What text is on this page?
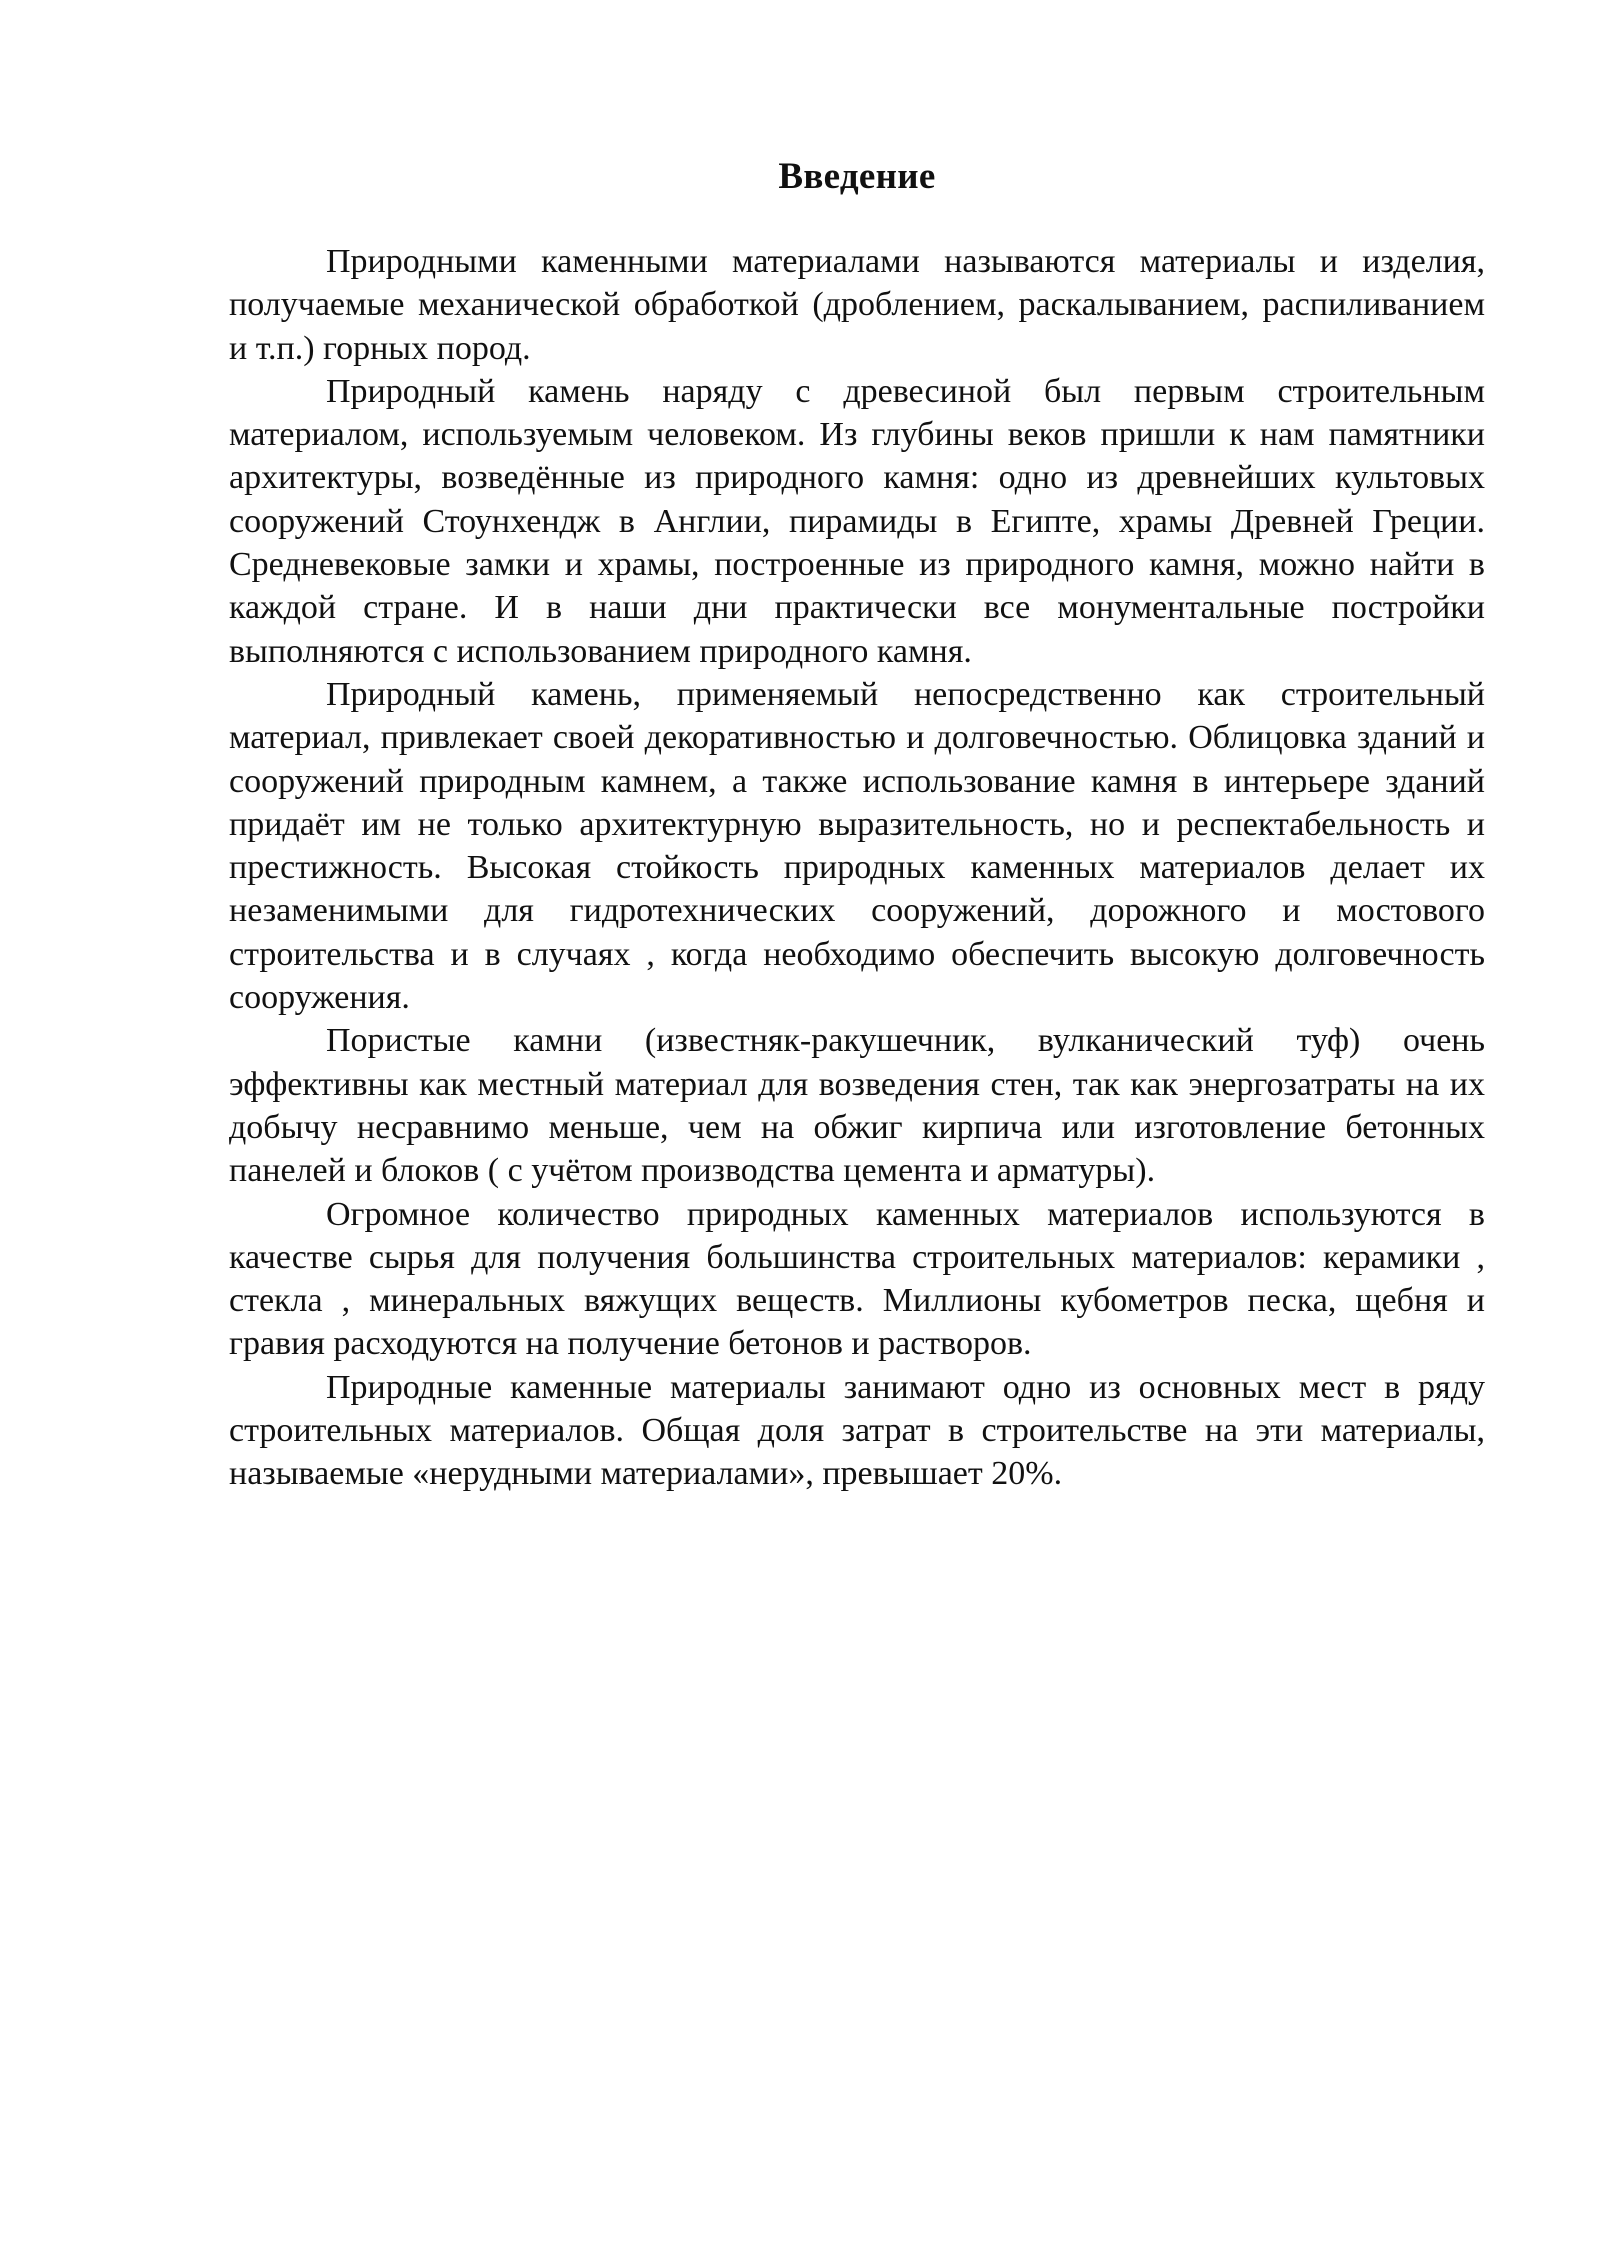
Введение

Природными каменными материалами называются материалы и изделия, получаемые механической обработкой (дроблением, раскалыванием, распиливанием и т.п.) горных пород.

Природный камень наряду с древесиной был первым строительным материалом, используемым человеком. Из глубины веков пришли к нам памятники архитектуры, возведённые из природного камня: одно из древнейших культовых сооружений Стоунхендж в Англии, пирамиды в Египте, храмы Древней Греции. Средневековые замки и храмы, построенные из природного камня, можно найти в каждой стране. И в наши дни практически все монументальные постройки выполняются с использованием природного камня.

Природный камень, применяемый непосредственно как строительный материал, привлекает своей декоративностью и долговечностью. Облицовка зданий и сооружений природным камнем, а также использование камня в интерьере зданий придаёт им не только архитектурную выразительность, но и респектабельность и престижность. Высокая стойкость природных каменных материалов делает их незаменимыми для гидротехнических сооружений, дорожного и мостового строительства и в случаях , когда необходимо обеспечить высокую долговечность сооружения.

Пористые камни (известняк-ракушечник, вулканический туф) очень эффективны как местный материал для возведения стен, так как энергозатраты на их добычу несравнимо меньше, чем на обжиг кирпича или изготовление бетонных панелей и блоков ( с учётом производства цемента и арматуры).

Огромное количество природных каменных материалов используются в качестве сырья для получения большинства строительных материалов: керамики , стекла , минеральных вяжущих веществ. Миллионы кубометров песка, щебня и гравия расходуются на получение бетонов и растворов.

Природные каменные материалы занимают одно из основных мест в ряду строительных материалов. Общая доля затрат в строительстве на эти материалы, называемые «нерудными материалами», превышает 20%.
